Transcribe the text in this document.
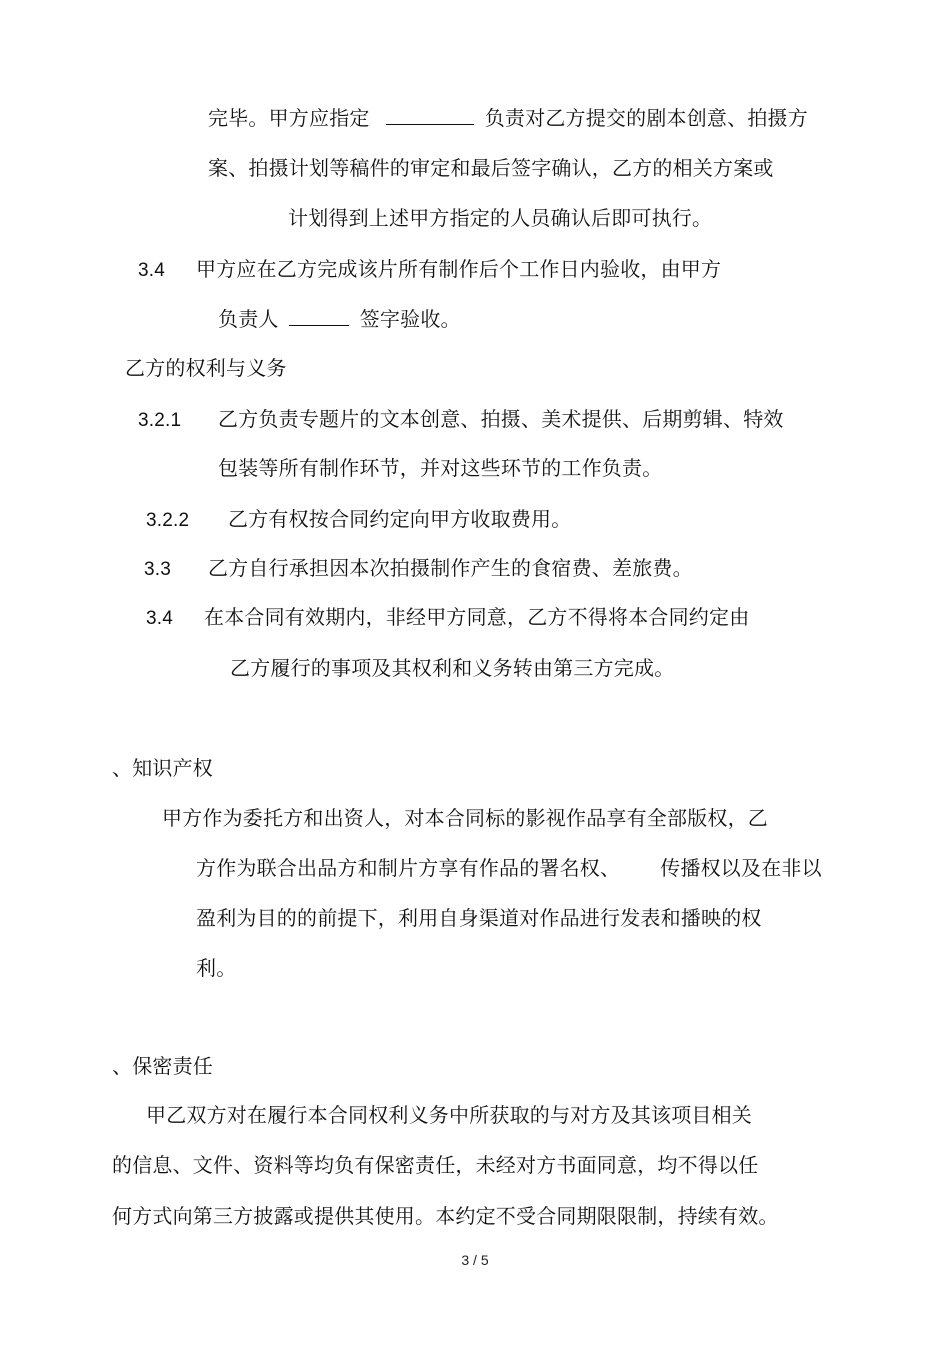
完毕。甲方应指定	负责对乙方提交的剧本创意、拍摄方
案、拍摄计划等稿件的审定和最后签字确认，乙方的相关方案或
计划得到上述甲方指定的人员确认后即可执行。
3.4 甲方应在乙方完成该片所有制作后个工作日内验收，由甲方
负责人	签字验收。
乙方的权利与义务
3.2.1 乙方负责专题片的文本创意、拍摄、美术提供、后期剪辑、特效
包装等所有制作环节，并对这些环节的工作负责。
3.2.2 乙方有权按合同约定向甲方收取费用。
3.3 乙方自行承担因本次拍摄制作产生的食宿费、差旅费。
3.4 在本合同有效期内，非经甲方同意，乙方不得将本合同约定由
乙方履行的事项及其权利和义务转由第三方完成。
、知识产权
甲方作为委托方和出资人，对本合同标的影视作品享有全部版权，乙
方作为联合出品方和制片方享有作品的署名权、 传播权以及在非以
盈利为目的的前提下，利用自身渠道对作品进行发表和播映的权
利。
、保密责任
甲乙双方对在履行本合同权利义务中所获取的与对方及其该项目相关
的信息、文件、资料等均负有保密责任，未经对方书面同意，均不得以任
何方式向第三方披露或提供其使用。本约定不受合同期限限制，持续有效。
3 / 5
